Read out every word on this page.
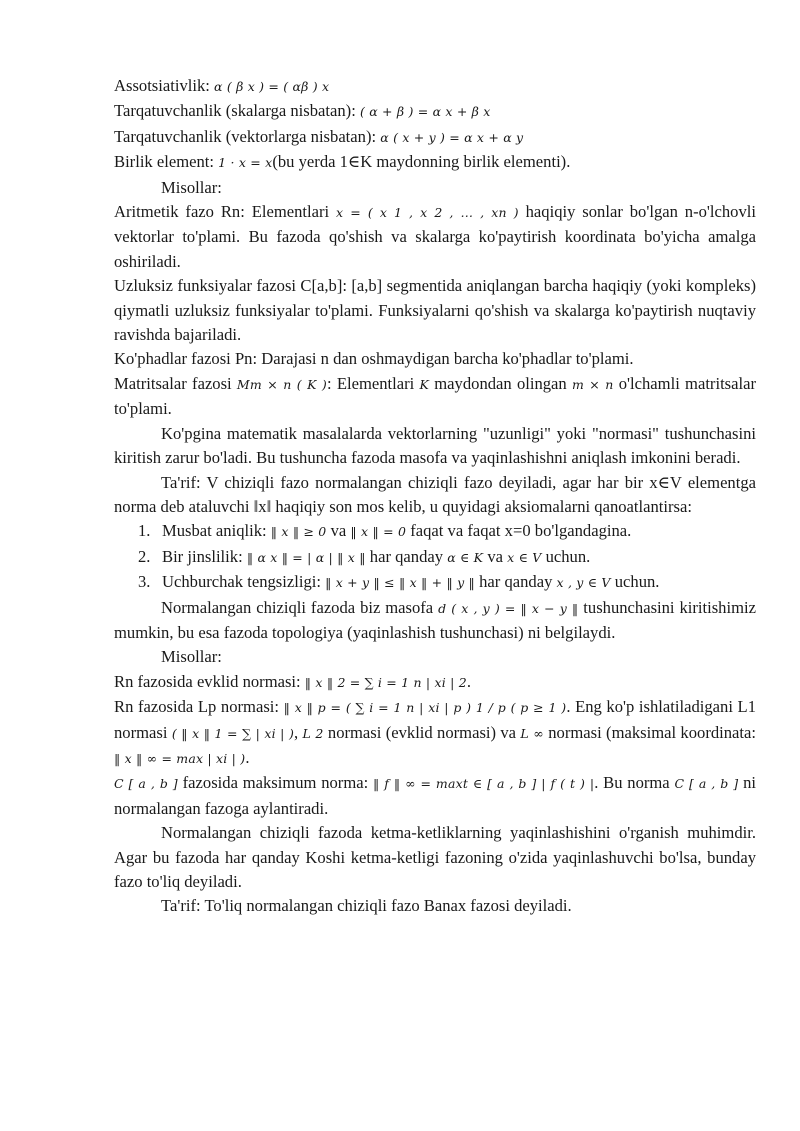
Assotsiativlik: α ( β x ) = ( αβ ) x

Tarqatuvchanlik (skalarga nisbatan): ( α + β ) = α x + β x

Tarqatuvchanlik (vektorlarga nisbatan): α ( x + y ) = α x + α y

Birlik element: 1 · x = x(bu yerda 1∈K maydonning birlik elementi).

Misollar:

Aritmetik fazo Rn: Elementlari x = ( x 1 , x 2 , … , xn ) haqiqiy sonlar bo'lgan n-o'lchovli vektorlar to'plami. Bu fazoda qo'shish va skalarga ko'paytirish koordinata bo'yicha amalga oshiriladi.

Uzluksiz funksiyalar fazosi C[a,b]: [a,b] segmentida aniqlangan barcha haqiqiy (yoki kompleks) qiymatli uzluksiz funksiyalar to'plami. Funksiyalarni qo'shish va skalarga ko'paytirish nuqtaviy ravishda bajariladi.

Ko'phadlar fazosi Pn: Darajasi n dan oshmaydigan barcha ko'phadlar to'plami.

Matritsalar fazosi Mm × n ( K ): Elementlari K maydondan olingan m × n o'lchamli matritsalar to'plami.

Ko'pgina matematik masalalarda vektorlarning "uzunligi" yoki "normasi" tushunchasini kiritish zarur bo'ladi. Bu tushuncha fazoda masofa va yaqinlashishni aniqlash imkonini beradi.

Ta'rif: V chiziqli fazo normalangan chiziqli fazo deyiladi, agar har bir x∈V elementga norma deb ataluvchi ‖x‖ haqiqiy son mos kelib, u quyidagi aksiomalarni qanoatlantirsa:

1. Musbat aniqlik: ‖ x ‖ ≥ 0 va ‖ x ‖ = 0 faqat va faqat x=0 bo'lgandagina.
2. Bir jinslilik: ‖ α x ‖ = | α | ‖ x ‖ har qanday α ∈ K va x ∈ V uchun.
3. Uchburchak tengsizligi: ‖ x + y ‖ ≤ ‖ x ‖ + ‖ y ‖ har qanday x , y ∈ V uchun.

Normalangan chiziqli fazoda biz masofa d ( x , y ) = ‖ x − y ‖ tushunchasini kiritishimiz mumkin, bu esa fazoda topologiya (yaqinlashish tushunchasi) ni belgilaydi.

Misollar:

Rn fazosida evklid normasi: ‖ x ‖ 2 = ∑ i = 1 n | xi | 2.

Rn fazosida Lp normasi: ‖ x ‖ p = ( ∑ i = 1 n | xi | p ) 1 / p ( p ≥ 1 ). Eng ko'p ishlatiladigani L1 normasi ( ‖ x ‖ 1 = ∑ | xi | ), L 2 normasi (evklid normasi) va L ∞ normasi (maksimal koordinata: ‖ x ‖ ∞ = max | xi | ).

C [ a , b ] fazosida maksimum norma: ‖ f ‖ ∞ = maxt ∈ [ a , b ] | f ( t ) |. Bu norma C [ a , b ] ni normalangan fazoga aylantiradi.

Normalangan chiziqli fazoda ketma-ketliklarning yaqinlashishini o'rganish muhimdir. Agar bu fazoda har qanday Koshi ketma-ketligi fazoning o'zida yaqinlashuvchi bo'lsa, bunday fazo to'liq deyiladi.

Ta'rif: To'liq normalangan chiziqli fazo Banax fazosi deyiladi.
